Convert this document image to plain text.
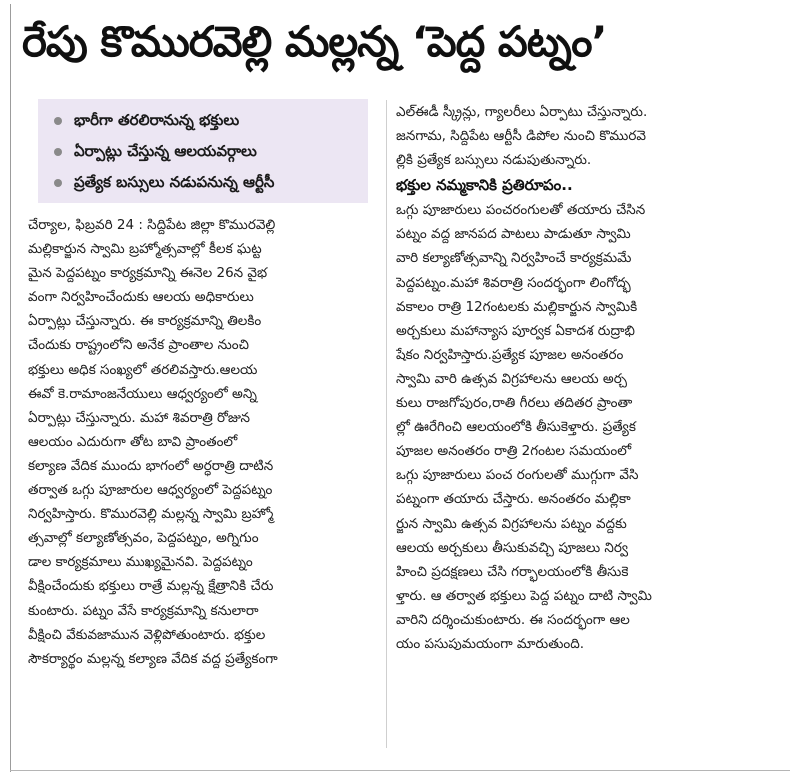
రేపు కొమురవెల్లి మల్లన్న ‘పెద్ద పట్నం’
భారీగా తరలిరానున్న భక్తులు
ఏర్పాట్లు చేస్తున్న ఆలయవర్గాలు
ప్రత్యేక బస్సులు నడుపనున్న ఆర్టీసీ
చేర్యాల, ఫిబ్రవరి 24 : సిద్దిపేట జిల్లా కొమురవెల్లి
మల్లికార్జున స్వామి బ్రహ్మోత్సవాల్లో కీలక ఘట్ట
మైన పెద్దపట్నం కార్యక్రమాన్ని ఈనెల 26న వైభ
వంగా నిర్వహించేందుకు ఆలయ అధికారులు
ఏర్పాట్లు చేస్తున్నారు. ఈ కార్యక్రమాన్ని తిలకిం
చేందుకు రాష్ట్రంలోని అనేక ప్రాంతాల నుంచి
భక్తులు అధిక సంఖ్యలో తరలివస్తారు.ఆలయ
ఈవో కె.రామాంజనేయులు ఆధ్వర్యంలో అన్ని
ఏర్పాట్లు చేస్తున్నారు. మహా శివరాత్రి రోజున
ఆలయం ఎదురుగా తోట బావి ప్రాంతంలో
కల్యాణ వేదిక ముందు భాగంలో అర్ధరాత్రి దాటిన
తర్వాత ఒగ్గు పూజారుల ఆధ్వర్యంలో పెద్దపట్నం
నిర్వహిస్తారు. కొమురవెల్లి మల్లన్న స్వామి బ్రహ్మో
త్సవాల్లో కల్యాణోత్సవం, పెద్దపట్నం, అగ్నిగుం
డాల కార్యక్రమాలు ముఖ్యమైనవి. పెద్దపట్నం
వీక్షించేందుకు భక్తులు రాత్రే మల్లన్న క్షేత్రానికి చేరు
కుంటారు. పట్నం వేసే కార్యక్రమాన్ని కనులారా
వీక్షించి వేకువజామున వెళ్లిపోతుంటారు. భక్తుల
సౌకర్యార్థం మల్లన్న కల్యాణ వేదిక వద్ద ప్రత్యేకంగా
ఎల్ఈడీ స్క్రీన్లు, గ్యాలరీలు ఏర్పాటు చేస్తున్నారు.
జనగామ, సిద్దిపేట ఆర్టీసీ డిపోల నుంచి కొమురవె
ల్లికి ప్రత్యేక బస్సులు నడుపుతున్నారు.
భక్తుల నమ్మకానికి ప్రతిరూపం..
ఒగ్గు పూజారులు పంచరంగులతో తయారు చేసిన
పట్నం వద్ద జానపద పాటలు పాడుతూ స్వామి
వారి కల్యాణోత్సవాన్ని నిర్వహించే కార్యక్రమమే
పెద్దపట్నం.మహా శివరాత్రి సందర్భంగా లింగోద్భ
వకాలం రాత్రి 12గంటలకు మల్లికార్జున స్వామికి
అర్చకులు మహాన్యాస పూర్వక ఏకాదశ రుద్రాభి
షేకం నిర్వహిస్తారు.ప్రత్యేక పూజల అనంతరం
స్వామి వారి ఉత్సవ విగ్రహాలను ఆలయ అర్చ
కులు రాజగోపురం,రాతి గీరలు తదితర ప్రాంతా
ల్లో ఊరేగించి ఆలయంలోకి తీసుకెళ్తారు. ప్రత్యేక
పూజల అనంతరం రాత్రి 2గంటల సమయంలో
ఒగ్గు పూజారులు పంచ రంగులతో ముగ్గుగా వేసి
పట్నంగా తయారు చేస్తారు. అనంతరం మల్లికా
ర్జున స్వామి ఉత్సవ విగ్రహాలను పట్నం వద్దకు
ఆలయ అర్చకులు తీసుకువచ్చి పూజలు నిర్వ
హించి ప్రదక్షణలు చేసి గర్భాలయంలోకి తీసుకె
ళ్తారు. ఆ తర్వాత భక్తులు పెద్ద పట్నం దాటి స్వామి
వారిని దర్శించుకుంటారు. ఈ సందర్భంగా ఆల
యం పసుపుమయంగా మారుతుంది.
